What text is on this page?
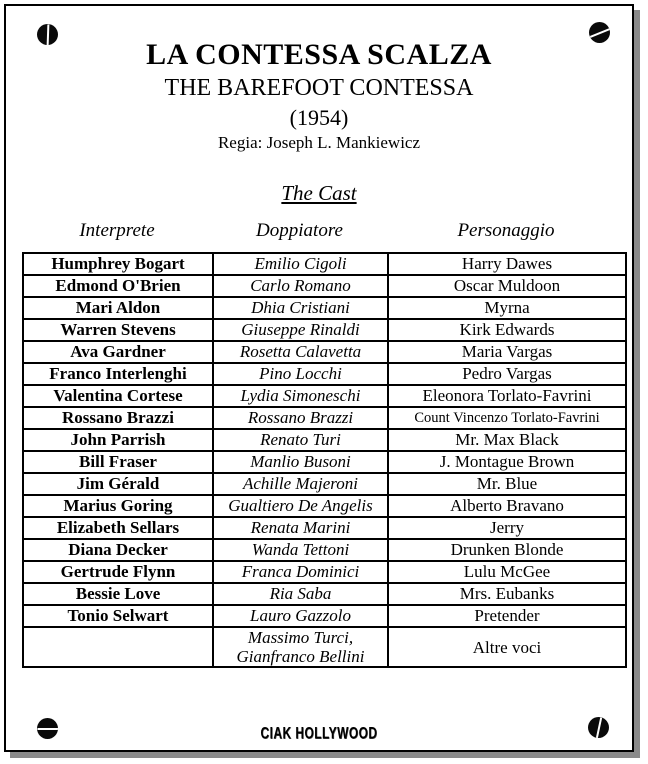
LA CONTESSA SCALZA
THE BAREFOOT CONTESSA
(1954)
Regia: Joseph L. Mankiewicz
The Cast
Interprete	Doppiatore	Personaggio
Humphrey Bogart	Emilio Cigoli	Harry Dawes
Edmond O'Brien	Carlo Romano	Oscar Muldoon
Mari Aldon	Dhia Cristiani	Myrna
Warren Stevens	Giuseppe Rinaldi	Kirk Edwards
Ava Gardner	Rosetta Calavetta	Maria Vargas
Franco Interlenghi	Pino Locchi	Pedro Vargas
Valentina Cortese	Lydia Simoneschi	Eleonora Torlato-Favrini
Rossano Brazzi	Rossano Brazzi	Count Vincenzo Torlato-Favrini
John Parrish	Renato Turi	Mr. Max Black
Bill Fraser	Manlio Busoni	J. Montague Brown
Jim Gérald	Achille Majeroni	Mr. Blue
Marius Goring	Gualtiero De Angelis	Alberto Bravano
Elizabeth Sellars	Renata Marini	Jerry
Diana Decker	Wanda Tettoni	Drunken Blonde
Gertrude Flynn	Franca Dominici	Lulu McGee
Bessie Love	Ria Saba	Mrs. Eubanks
Tonio Selwart	Lauro Gazzolo	Pretender
	Massimo Turci, Gianfranco Bellini	Altre voci
CIAK HOLLYWOOD
